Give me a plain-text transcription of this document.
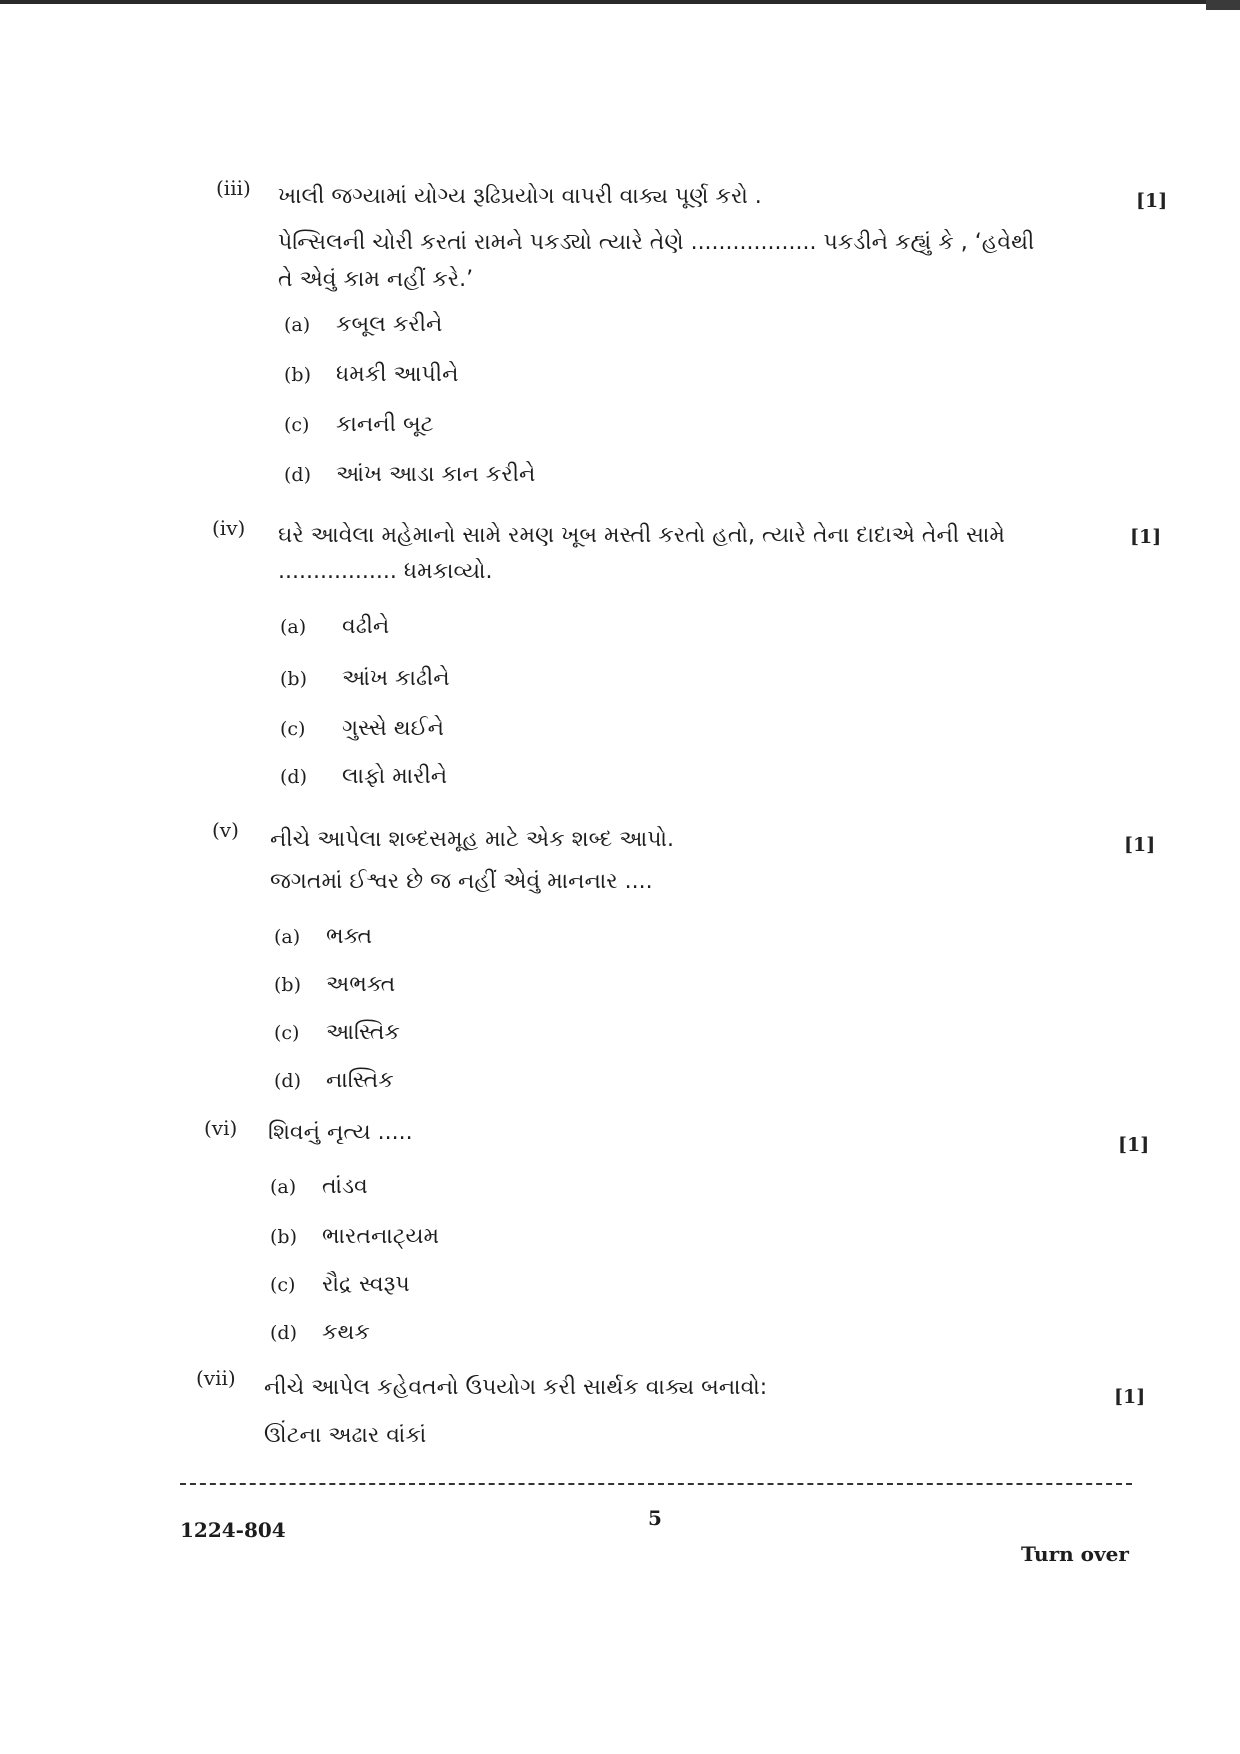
(iii) ખાલી જગ્યામાં યોગ્ય રૂઢિપ્રયોગ વાપરી વાક્ય પૂર્ણ કરો .	[1]
પેન્સિલની ચોરી કરતાં રામને પકડ્યો ત્યારે તેણે .................. પકડીને કહ્યું કે , ‘હવેથી
તે એવું કામ નહીં કરે.’
(a) કબૂલ કરીને
(b) ધમકી આપીને
(c) કાનની બૂટ
(d) આંખ આડા કાન કરીને
(iv) ઘરે આવેલા મહેમાનો સામે રમણ ખૂબ મસ્તી કરતો હતો, ત્યારે તેના દાદાએ તેની સામે	[1]
................. ધમકાવ્યો.
(a) વઢીને
(b) આંખ કાઢીને
(c) ગુસ્સે થઈને
(d) લાફો મારીને
(v) નીચે આપેલા શબ્દસમૂહ માટે એક શબ્દ આપો.	[1]
જગતમાં ઈશ્વર છે જ નહીં એવું માનનાર ....
(a) ભક્ત
(b) અભક્ત
(c) આસ્તિક
(d) નાસ્તિક
(vi) શિવનું નૃત્ય .....	[1]
(a) તાંડવ
(b) ભારતનાટ્યમ
(c) રૌદ્ર સ્વરૂપ
(d) કથક
(vii) નીચે આપેલ કહેવતનો ઉપયોગ કરી સાર્થક વાક્ય બનાવો:	[1]
ઊંટના અઢાર વાંકાં
1224-804	5
Turn over
